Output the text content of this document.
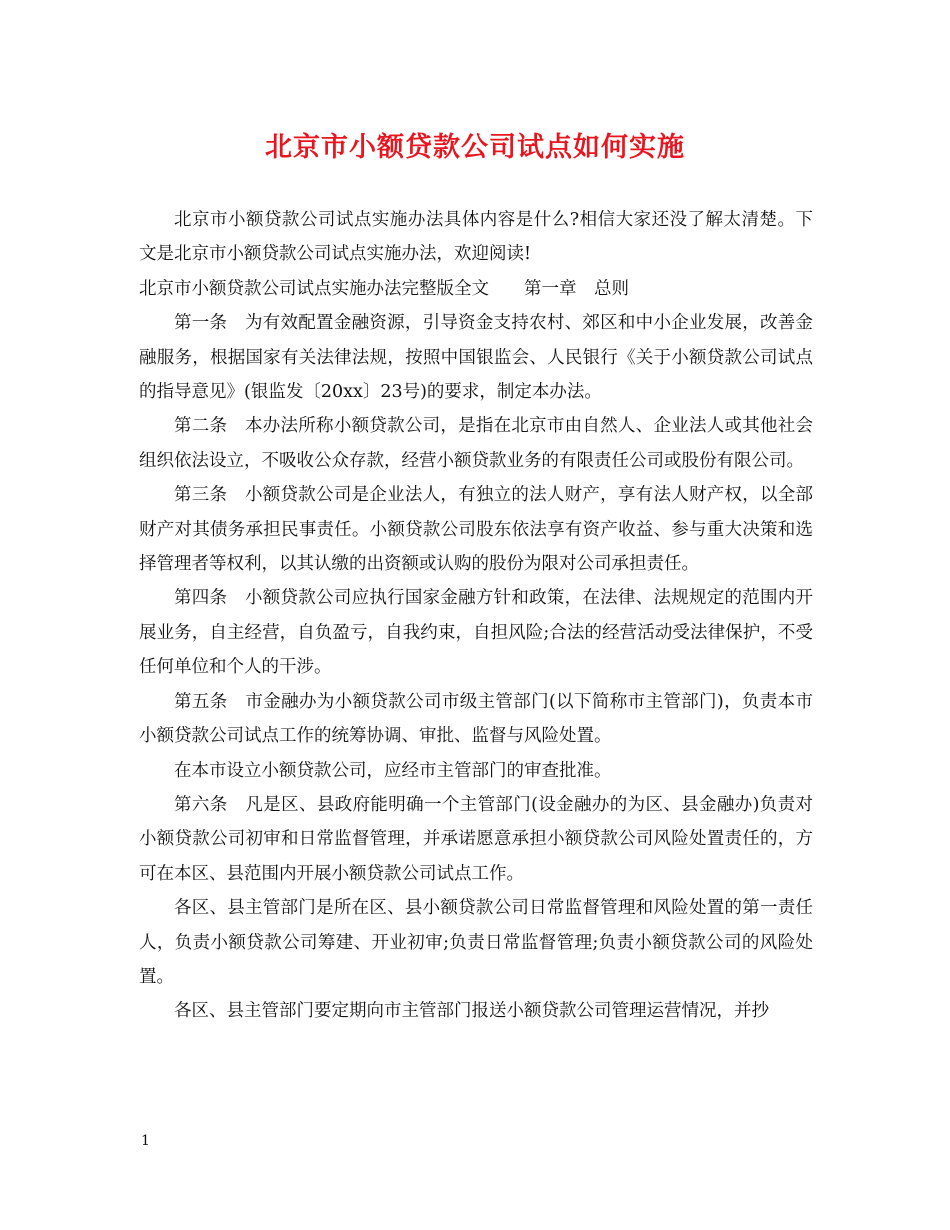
北京市小额贷款公司试点如何实施

北京市小额贷款公司试点实施办法具体内容是什么?相信大家还没了解太清楚。下文是北京市小额贷款公司试点实施办法，欢迎阅读!

北京市小额贷款公司试点实施办法完整版全文　　第一章　总则

第一条　为有效配置金融资源，引导资金支持农村、郊区和中小企业发展，改善金融服务，根据国家有关法律法规，按照中国银监会、人民银行《关于小额贷款公司试点的指导意见》(银监发〔20xx〕23号)的要求，制定本办法。

第二条　本办法所称小额贷款公司，是指在北京市由自然人、企业法人或其他社会组织依法设立，不吸收公众存款，经营小额贷款业务的有限责任公司或股份有限公司。

第三条　小额贷款公司是企业法人，有独立的法人财产，享有法人财产权，以全部财产对其债务承担民事责任。小额贷款公司股东依法享有资产收益、参与重大决策和选择管理者等权利，以其认缴的出资额或认购的股份为限对公司承担责任。

第四条　小额贷款公司应执行国家金融方针和政策，在法律、法规规定的范围内开展业务，自主经营，自负盈亏，自我约束，自担风险;合法的经营活动受法律保护，不受任何单位和个人的干涉。

第五条　市金融办为小额贷款公司市级主管部门(以下简称市主管部门)，负责本市小额贷款公司试点工作的统筹协调、审批、监督与风险处置。

在本市设立小额贷款公司，应经市主管部门的审查批准。

第六条　凡是区、县政府能明确一个主管部门(设金融办的为区、县金融办)负责对小额贷款公司初审和日常监督管理，并承诺愿意承担小额贷款公司风险处置责任的，方可在本区、县范围内开展小额贷款公司试点工作。

各区、县主管部门是所在区、县小额贷款公司日常监督管理和风险处置的第一责任人，负责小额贷款公司筹建、开业初审;负责日常监督管理;负责小额贷款公司的风险处置。

各区、县主管部门要定期向市主管部门报送小额贷款公司管理运营情况，并抄

1
